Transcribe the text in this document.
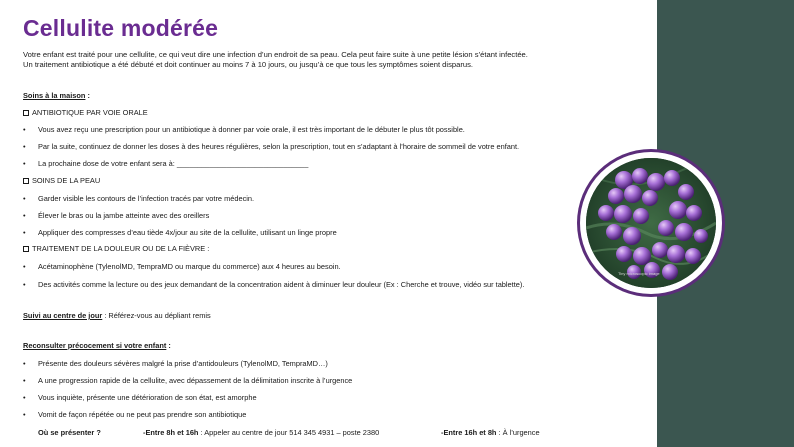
Cellulite modérée
Votre enfant est traité pour une cellulite, ce qui veut dire une infection d’un endroit de sa peau. Cela peut faire suite à une petite lésion s’étant infectée.
Un traitement antibiotique a été débuté et doit continuer au moins 7 à 10 jours, ou jusqu’à ce que tous les symptômes soient disparus.
Soins à la maison :
ANTIBIOTIQUE PAR VOIE ORALE
• Vous avez reçu une prescription pour un antibiotique à donner par voie orale, il est très important de le débuter le plus tôt possible.
• Par la suite, continuez de donner les doses à des heures régulières, selon la prescription, tout en s’adaptant à l’horaire de sommeil de votre enfant.
• La prochaine dose de votre enfant sera à: ________________________________
SOINS DE LA PEAU
• Garder visible les contours de l’infection tracés par votre médecin.
• Élever le bras ou la jambe atteinte avec des oreillers
• Appliquer des compresses d’eau tiède 4x/jour au site de la cellulite, utilisant un linge propre
TRAITEMENT DE LA DOULEUR OU DE LA FIÈVRE :
• Acétaminophène (TylenolMD, TempraMD ou marque du commerce) aux 4 heures au besoin.
• Des activités comme la lecture ou des jeux demandant de la concentration aident à diminuer leur douleur (Ex : Cherche et trouve, vidéo sur tablette).
Suivi au centre de jour : Référez-vous au dépliant remis
Reconsulter précocement si votre enfant :
• Présente des douleurs sévères malgré la prise d’antidouleurs (TylenolMD, TempraMD…)
• A une progression rapide de la cellulite, avec dépassement de la délimitation inscrite à l’urgence
• Vous inquiète, présente une détérioration de son état, est amorphe
• Vomit de façon répétée ou ne peut pas prendre son antibiotique
Où se présenter ?	-Entre 8h et 16h : Appeler au centre de jour 514 345 4931 – poste 2380	-Entre 16h et 8h : À l’urgence
Tiny microscopic image
